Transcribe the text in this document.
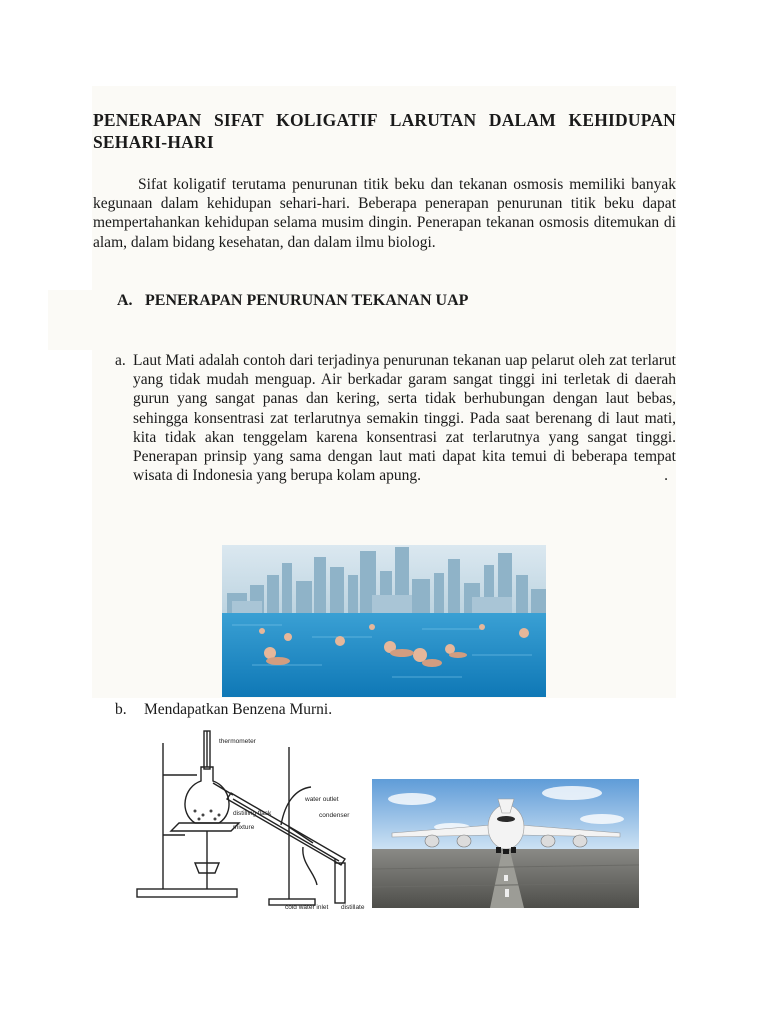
PENERAPAN SIFAT KOLIGATIF LARUTAN DALAM KEHIDUPAN SEHARI-HARI

Sifat koligatif terutama penurunan titik beku dan tekanan osmosis memiliki banyak kegunaan dalam kehidupan sehari-hari. Beberapa penerapan penurunan titik beku dapat mempertahankan kehidupan selama musim dingin. Penerapan tekanan osmosis ditemukan di alam, dalam bidang kesehatan, dan dalam ilmu biologi.

A. PENERAPAN PENURUNAN TEKANAN UAP
a. Laut Mati adalah contoh dari terjadinya penurunan tekanan uap pelarut oleh zat terlarut yang tidak mudah menguap. Air berkadar garam sangat tinggi ini terletak di daerah gurun yang sangat panas dan kering, serta tidak berhubungan dengan laut bebas, sehingga konsentrasi zat terlarutnya semakin tinggi. Pada saat berenang di laut mati, kita tidak akan tenggelam karena konsentrasi zat terlarutnya yang sangat tinggi. Penerapan prinsip yang sama dengan laut mati dapat kita temui di beberapa tempat wisata di Indonesia yang berupa kolam apung.	.
b. Mendapatkan Benzena Murni.
thermometer
water outlet
distilling flask	condenser
mixture
cold water inlet distillate
